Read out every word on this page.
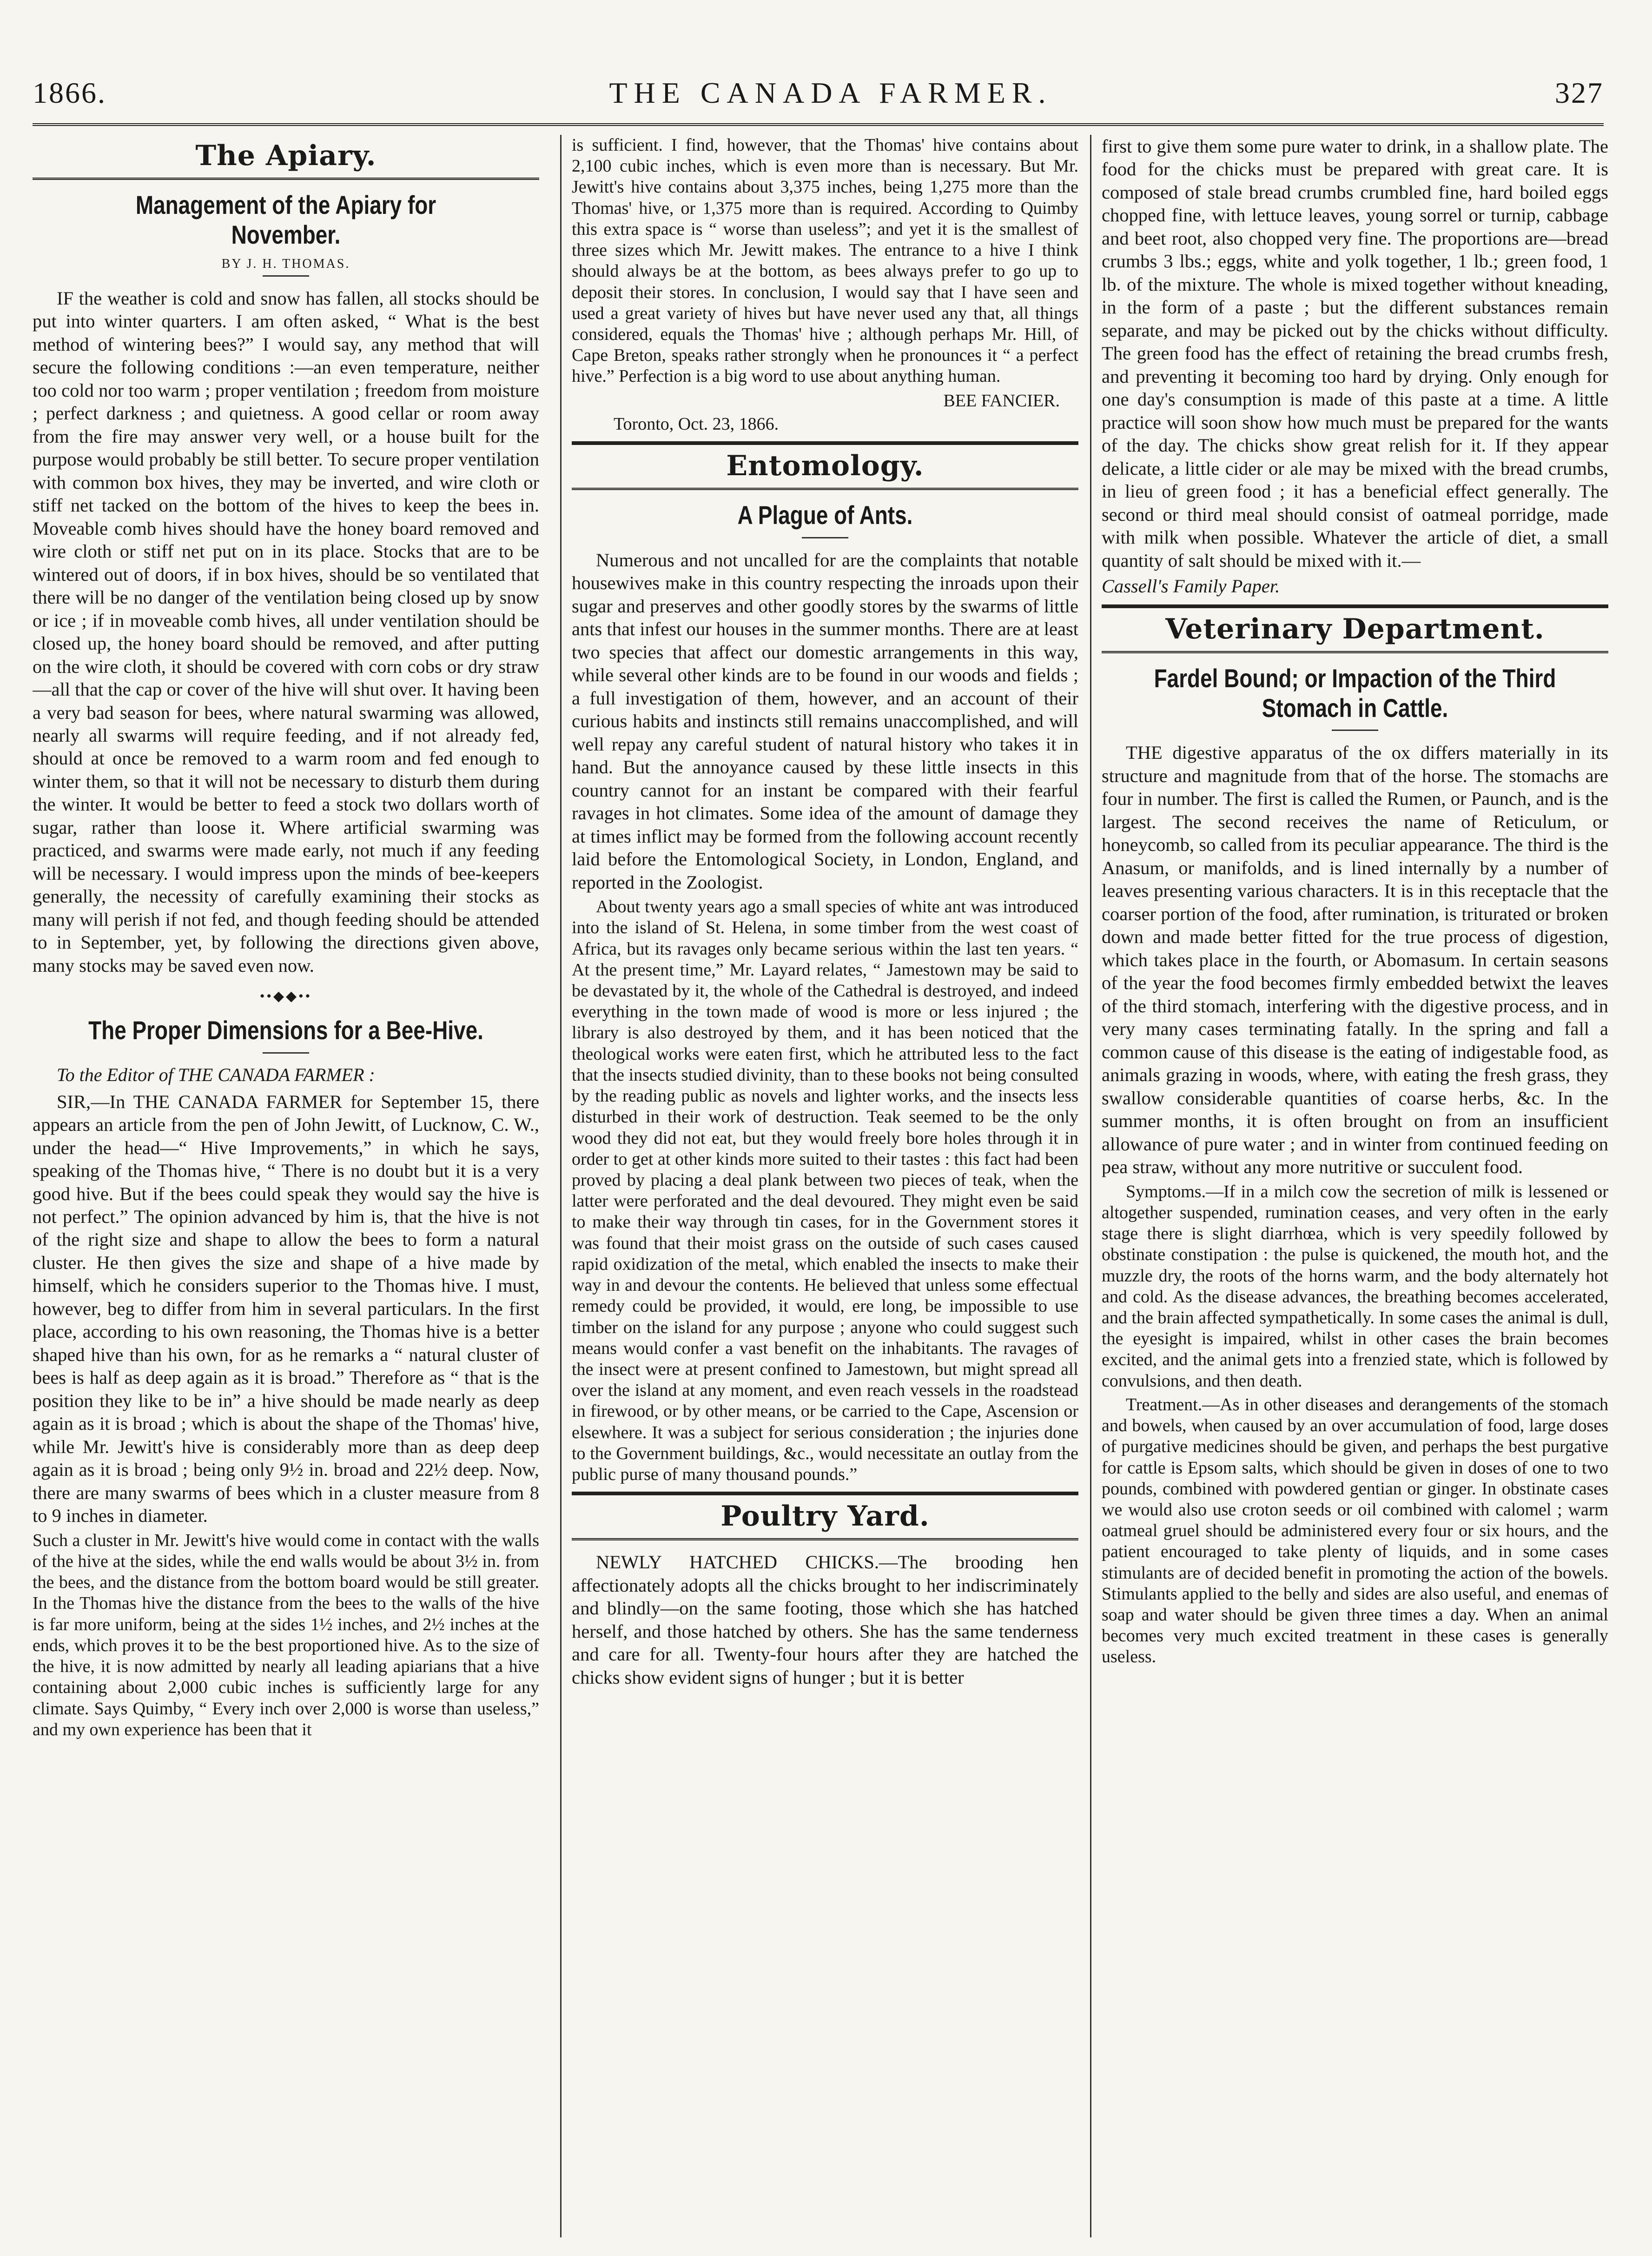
1866.	THE CANADA FARMER.	327
The Apiary.
Management of the Apiary for November.
BY J. H. THOMAS.

IF the weather is cold and snow has fallen, all stocks should be put into winter quarters. I am often asked, “ What is the best method of wintering bees?” I would say, any method that will secure the following conditions :—an even temperature, neither too cold nor too warm ; proper ventilation ; freedom from moisture ; perfect darkness ; and quietness. A good cellar or room away from the fire may answer very well, or a house built for the purpose would probably be still better. To secure proper ventilation with common box hives, they may be inverted, and wire cloth or stiff net tacked on the bottom of the hives to keep the bees in. Moveable comb hives should have the honey board removed and wire cloth or stiff net put on in its place. Stocks that are to be wintered out of doors, if in box hives, should be so ventilated that there will be no danger of the ventilation being closed up by snow or ice ; if in moveable comb hives, all under ventilation should be closed up, the honey board should be removed, and after putting on the wire cloth, it should be covered with corn cobs or dry straw—all that the cap or cover of the hive will shut over. It having been a very bad season for bees, where natural swarming was allowed, nearly all swarms will require feeding, and if not already fed, should at once be removed to a warm room and fed enough to winter them, so that it will not be necessary to disturb them during the winter. It would be better to feed a stock two dollars worth of sugar, rather than loose it. Where artificial swarming was practiced, and swarms were made early, not much if any feeding will be necessary. I would impress upon the minds of bee-keepers generally, the necessity of carefully examining their stocks as many will perish if not fed, and though feeding should be attended to in September, yet, by following the directions given above, many stocks may be saved even now.

••◆◆••
The Proper Dimensions for a Bee-Hive.

To the Editor of THE CANADA FARMER :

SIR,—In THE CANADA FARMER for September 15, there appears an article from the pen of John Jewitt, of Lucknow, C. W., under the head—“ Hive Improvements,” in which he says, speaking of the Thomas hive, “ There is no doubt but it is a very good hive. But if the bees could speak they would say the hive is not perfect.” The opinion advanced by him is, that the hive is not of the right size and shape to allow the bees to form a natural cluster. He then gives the size and shape of a hive made by himself, which he considers superior to the Thomas hive. I must, however, beg to differ from him in several particulars. In the first place, according to his own reasoning, the Thomas hive is a better shaped hive than his own, for as he remarks a “ natural cluster of bees is half as deep again as it is broad.” Therefore as “ that is the position they like to be in” a hive should be made nearly as deep again as it is broad ; which is about the shape of the Thomas' hive, while Mr. Jewitt's hive is considerably more than as deep deep again as it is broad ; being only 9½ in. broad and 22½ deep. Now, there are many swarms of bees which in a cluster measure from 8 to 9 inches in diameter.

Such a cluster in Mr. Jewitt's hive would come in contact with the walls of the hive at the sides, while the end walls would be about 3½ in. from the bees, and the distance from the bottom board would be still greater. In the Thomas hive the distance from the bees to the walls of the hive is far more uniform, being at the sides 1½ inches, and 2½ inches at the ends, which proves it to be the best proportioned hive. As to the size of the hive, it is now admitted by nearly all leading apiarians that a hive containing about 2,000 cubic inches is sufficiently large for any climate. Says Quimby, “ Every inch over 2,000 is worse than useless,” and my own experience has been that it

is sufficient. I find, however, that the Thomas' hive contains about 2,100 cubic inches, which is even more than is necessary. But Mr. Jewitt's hive contains about 3,375 inches, being 1,275 more than the Thomas' hive, or 1,375 more than is required. According to Quimby this extra space is “ worse than useless”; and yet it is the smallest of three sizes which Mr. Jewitt makes. The entrance to a hive I think should always be at the bottom, as bees always prefer to go up to deposit their stores. In conclusion, I would say that I have seen and used a great variety of hives but have never used any that, all things considered, equals the Thomas' hive ; although perhaps Mr. Hill, of Cape Breton, speaks rather strongly when he pronounces it “ a perfect hive.” Perfection is a big word to use about anything human.

BEE FANCIER.

Toronto, Oct. 23, 1866.

Entomology.
A Plague of Ants.

Numerous and not uncalled for are the complaints that notable housewives make in this country respecting the inroads upon their sugar and preserves and other goodly stores by the swarms of little ants that infest our houses in the summer months. There are at least two species that affect our domestic arrangements in this way, while several other kinds are to be found in our woods and fields ; a full investigation of them, however, and an account of their curious habits and instincts still remains unaccomplished, and will well repay any careful student of natural history who takes it in hand. But the annoyance caused by these little insects in this country cannot for an instant be compared with their fearful ravages in hot climates. Some idea of the amount of damage they at times inflict may be formed from the following account recently laid before the Entomological Society, in London, England, and reported in the Zoologist.

About twenty years ago a small species of white ant was introduced into the island of St. Helena, in some timber from the west coast of Africa, but its ravages only became serious within the last ten years. “ At the present time,” Mr. Layard relates, “ Jamestown may be said to be devastated by it, the whole of the Cathedral is destroyed, and indeed everything in the town made of wood is more or less injured ; the library is also destroyed by them, and it has been noticed that the theological works were eaten first, which he attributed less to the fact that the insects studied divinity, than to these books not being consulted by the reading public as novels and lighter works, and the insects less disturbed in their work of destruction. Teak seemed to be the only wood they did not eat, but they would freely bore holes through it in order to get at other kinds more suited to their tastes : this fact had been proved by placing a deal plank between two pieces of teak, when the latter were perforated and the deal devoured. They might even be said to make their way through tin cases, for in the Government stores it was found that their moist grass on the outside of such cases caused rapid oxidization of the metal, which enabled the insects to make their way in and devour the contents. He believed that unless some effectual remedy could be provided, it would, ere long, be impossible to use timber on the island for any purpose ; anyone who could suggest such means would confer a vast benefit on the inhabitants. The ravages of the insect were at present confined to Jamestown, but might spread all over the island at any moment, and even reach vessels in the roadstead in firewood, or by other means, or be carried to the Cape, Ascension or elsewhere. It was a subject for serious consideration ; the injuries done to the Government buildings, &c., would necessitate an outlay from the public purse of many thousand pounds.”

Poultry Yard.

NEWLY HATCHED CHICKS.—The brooding hen affectionately adopts all the chicks brought to her indiscriminately and blindly—on the same footing, those which she has hatched herself, and those hatched by others. She has the same tenderness and care for all. Twenty-four hours after they are hatched the chicks show evident signs of hunger ; but it is better

first to give them some pure water to drink, in a shallow plate. The food for the chicks must be prepared with great care. It is composed of stale bread crumbs crumbled fine, hard boiled eggs chopped fine, with lettuce leaves, young sorrel or turnip, cabbage and beet root, also chopped very fine. The proportions are—bread crumbs 3 lbs.; eggs, white and yolk together, 1 lb.; green food, 1 lb. of the mixture. The whole is mixed together without kneading, in the form of a paste ; but the different substances remain separate, and may be picked out by the chicks without difficulty. The green food has the effect of retaining the bread crumbs fresh, and preventing it becoming too hard by drying. Only enough for one day's consumption is made of this paste at a time. A little practice will soon show how much must be prepared for the wants of the day. The chicks show great relish for it. If they appear delicate, a little cider or ale may be mixed with the bread crumbs, in lieu of green food ; it has a beneficial effect generally. The second or third meal should consist of oatmeal porridge, made with milk when possible. Whatever the article of diet, a small quantity of salt should be mixed with it.—

Cassell's Family Paper.

Veterinary Department.
Fardel Bound; or Impaction of the Third Stomach in Cattle.

THE digestive apparatus of the ox differs materially in its structure and magnitude from that of the horse. The stomachs are four in number. The first is called the Rumen, or Paunch, and is the largest. The second receives the name of Reticulum, or honeycomb, so called from its peculiar appearance. The third is the Anasum, or manifolds, and is lined internally by a number of leaves presenting various characters. It is in this receptacle that the coarser portion of the food, after rumination, is triturated or broken down and made better fitted for the true process of digestion, which takes place in the fourth, or Abomasum. In certain seasons of the year the food becomes firmly embedded betwixt the leaves of the third stomach, interfering with the digestive process, and in very many cases terminating fatally. In the spring and fall a common cause of this disease is the eating of indigestable food, as animals grazing in woods, where, with eating the fresh grass, they swallow considerable quantities of coarse herbs, &c. In the summer months, it is often brought on from an insufficient allowance of pure water ; and in winter from continued feeding on pea straw, without any more nutritive or succulent food.

Symptoms.—If in a milch cow the secretion of milk is lessened or altogether suspended, rumination ceases, and very often in the early stage there is slight diarrhœa, which is very speedily followed by obstinate constipation : the pulse is quickened, the mouth hot, and the muzzle dry, the roots of the horns warm, and the body alternately hot and cold. As the disease advances, the breathing becomes accelerated, and the brain affected sympathetically. In some cases the animal is dull, the eyesight is impaired, whilst in other cases the brain becomes excited, and the animal gets into a frenzied state, which is followed by convulsions, and then death.

Treatment.—As in other diseases and derangements of the stomach and bowels, when caused by an over accumulation of food, large doses of purgative medicines should be given, and perhaps the best purgative for cattle is Epsom salts, which should be given in doses of one to two pounds, combined with powdered gentian or ginger. In obstinate cases we would also use croton seeds or oil combined with calomel ; warm oatmeal gruel should be administered every four or six hours, and the patient encouraged to take plenty of liquids, and in some cases stimulants are of decided benefit in promoting the action of the bowels. Stimulants applied to the belly and sides are also useful, and enemas of soap and water should be given three times a day. When an animal becomes very much excited treatment in these cases is generally useless.
